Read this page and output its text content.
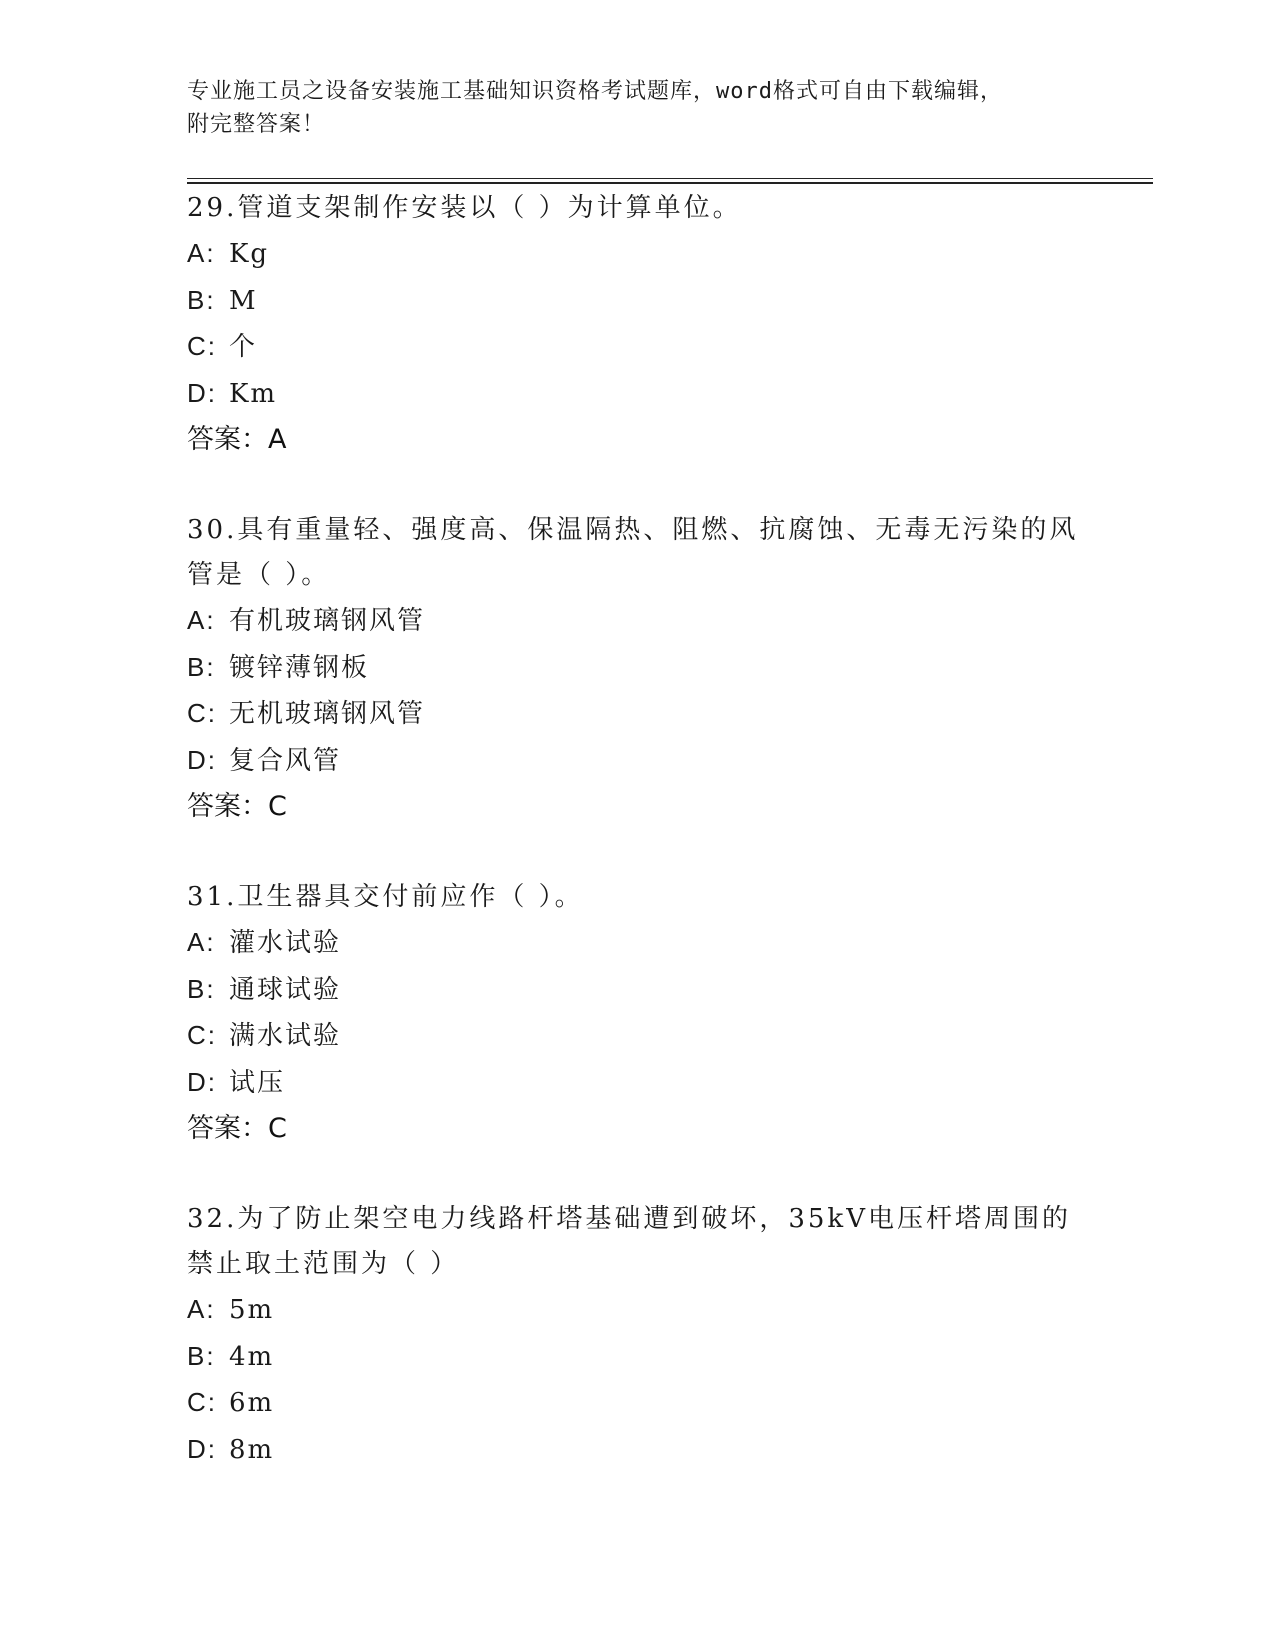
专业施工员之设备安装施工基础知识资格考试题库，word格式可自由下载编辑，
附完整答案！
29.管道支架制作安装以（ ）为计算单位。
A: Kg
B: M
C: 个
D: Km
答案：A
30.具有重量轻、强度高、保温隔热、阻燃、抗腐蚀、无毒无污染的风管是（ ）。
A: 有机玻璃钢风管
B: 镀锌薄钢板
C: 无机玻璃钢风管
D: 复合风管
答案：C
31.卫生器具交付前应作（ ）。
A: 灌水试验
B: 通球试验
C: 满水试验
D: 试压
答案：C
32.为了防止架空电力线路杆塔基础遭到破坏，35kV电压杆塔周围的禁止取土范围为（ ）
A: 5m
B: 4m
C: 6m
D: 8m
